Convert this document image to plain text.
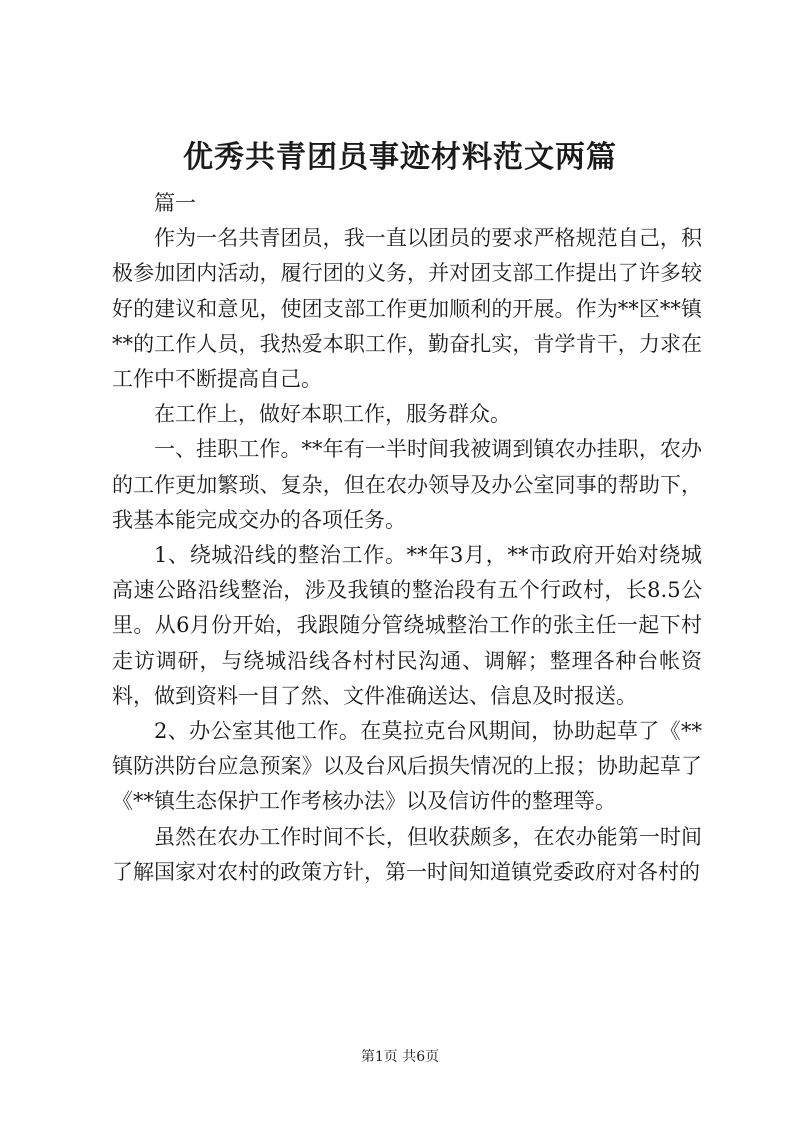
优秀共青团员事迹材料范文两篇

篇一

作为一名共青团员，我一直以团员的要求严格规范自己，积极参加团内活动，履行团的义务，并对团支部工作提出了许多较好的建议和意见，使团支部工作更加顺利的开展。作为**区**镇**的工作人员，我热爱本职工作，勤奋扎实，肯学肯干，力求在工作中不断提高自己。

在工作上，做好本职工作，服务群众。

一、挂职工作。**年有一半时间我被调到镇农办挂职，农办的工作更加繁琐、复杂，但在农办领导及办公室同事的帮助下，我基本能完成交办的各项任务。

1、绕城沿线的整治工作。**年3月，**市政府开始对绕城高速公路沿线整治，涉及我镇的整治段有五个行政村，长8.5公里。从6月份开始，我跟随分管绕城整治工作的张主任一起下村走访调研，与绕城沿线各村村民沟通、调解；整理各种台帐资料，做到资料一目了然、文件准确送达、信息及时报送。

2、办公室其他工作。在莫拉克台风期间，协助起草了《**镇防洪防台应急预案》以及台风后损失情况的上报；协助起草了《**镇生态保护工作考核办法》以及信访件的整理等。

虽然在农办工作时间不长，但收获颇多，在农办能第一时间了解国家对农村的政策方针，第一时间知道镇党委政府对各村的

第1页 共6页
